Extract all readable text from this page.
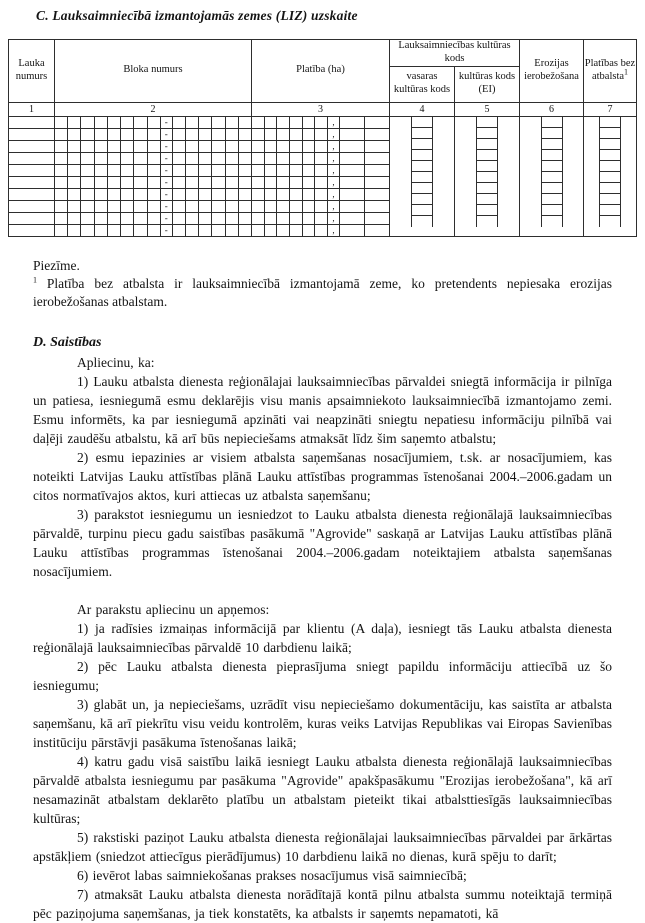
C. Lauksaimniecībā izmantojamās zemes (LIZ) uzskaite

Lauka numurs	Bloka numurs	Platība (ha)	Lauksaimniecības kultūras kods		Erozijas ierobežošana	Platības bez atbalsta$^1$
			vasaras kultūras kods	kultūras kods (EI)		
1	2	3	4	5	6	7

	-	,				

	-	,				

	-	,				

	-	,				

	-	,				

	-	,				

	-	,				

	-	,				

	-	,				

	-	,				

Piezīme.

$^1$ Platība bez atbalsta ir lauksaimniecībā izmantojamā zeme, ko pretendents nepiesaka erozijas ierobežošanas atbalstam.

D. Saistības

Apliecinu, ka:

1) Lauku atbalsta dienesta reģionālajai lauksaimniecības pārvaldei sniegtā informācija ir pilnīga un patiesa, iesniegumā esmu deklarējis visu manis apsaimniekoto lauksaimniecībā izmantojamo zemi. Esmu informēts, ka par iesniegumā apzināti vai neapzināti sniegtu nepatiesu informāciju pilnībā vai daļēji zaudēšu atbalstu, kā arī būs nepieciešams atmaksāt līdz šim saņemto atbalstu;

2) esmu iepazinies ar visiem atbalsta saņemšanas nosacījumiem, t.sk. ar nosacījumiem, kas noteikti Latvijas Lauku attīstības plānā Lauku attīstības programmas īstenošanai 2004.–2006.gadam un citos normatīvajos aktos, kuri attiecas uz atbalsta saņemšanu;

3) parakstot iesniegumu un iesniedzot to Lauku atbalsta dienesta reģionālajā lauksaimniecības pārvaldē, turpinu piecu gadu saistības pasākumā "Agrovide" saskaņā ar Latvijas Lauku attīstības plānā Lauku attīstības programmas īstenošanai 2004.–2006.gadam noteiktajiem atbalsta saņemšanas nosacījumiem.

Ar parakstu apliecinu un apņemos:

1) ja radīsies izmaiņas informācijā par klientu (A daļa), iesniegt tās Lauku atbalsta dienesta reģionālajā lauksaimniecības pārvaldē 10 darbdienu laikā;

2) pēc Lauku atbalsta dienesta pieprasījuma sniegt papildu informāciju attiecībā uz šo iesniegumu;

3) glabāt un, ja nepieciešams, uzrādīt visu nepieciešamo dokumentāciju, kas saistīta ar atbalsta saņemšanu, kā arī piekrītu visu veidu kontrolēm, kuras veiks Latvijas Republikas vai Eiropas Savienības institūciju pārstāvji pasākuma īstenošanas laikā;

4) katru gadu visā saistību laikā iesniegt Lauku atbalsta dienesta reģionālajā lauksaimniecības pārvaldē atbalsta iesniegumu par pasākuma "Agrovide" apakšpasākumu "Erozijas ierobežošana", kā arī nesamazināt atbalstam deklarēto platību un atbalstam pieteikt tikai atbalsttiesīgās lauksaimniecības kultūras;

5) rakstiski paziņot Lauku atbalsta dienesta reģionālajai lauksaimniecības pārvaldei par ārkārtas apstākļiem (sniedzot attiecīgus pierādījumus) 10 darbdienu laikā no dienas, kurā spēju to darīt;

6) ievērot labas saimniekošanas prakses nosacījumus visā saimniecībā;

7) atmaksāt Lauku atbalsta dienesta norādītajā kontā pilnu atbalsta summu noteiktajā termiņā pēc paziņojuma saņemšanas, ja tiek konstatēts, ka atbalsts ir saņemts nepamatoti, kā
